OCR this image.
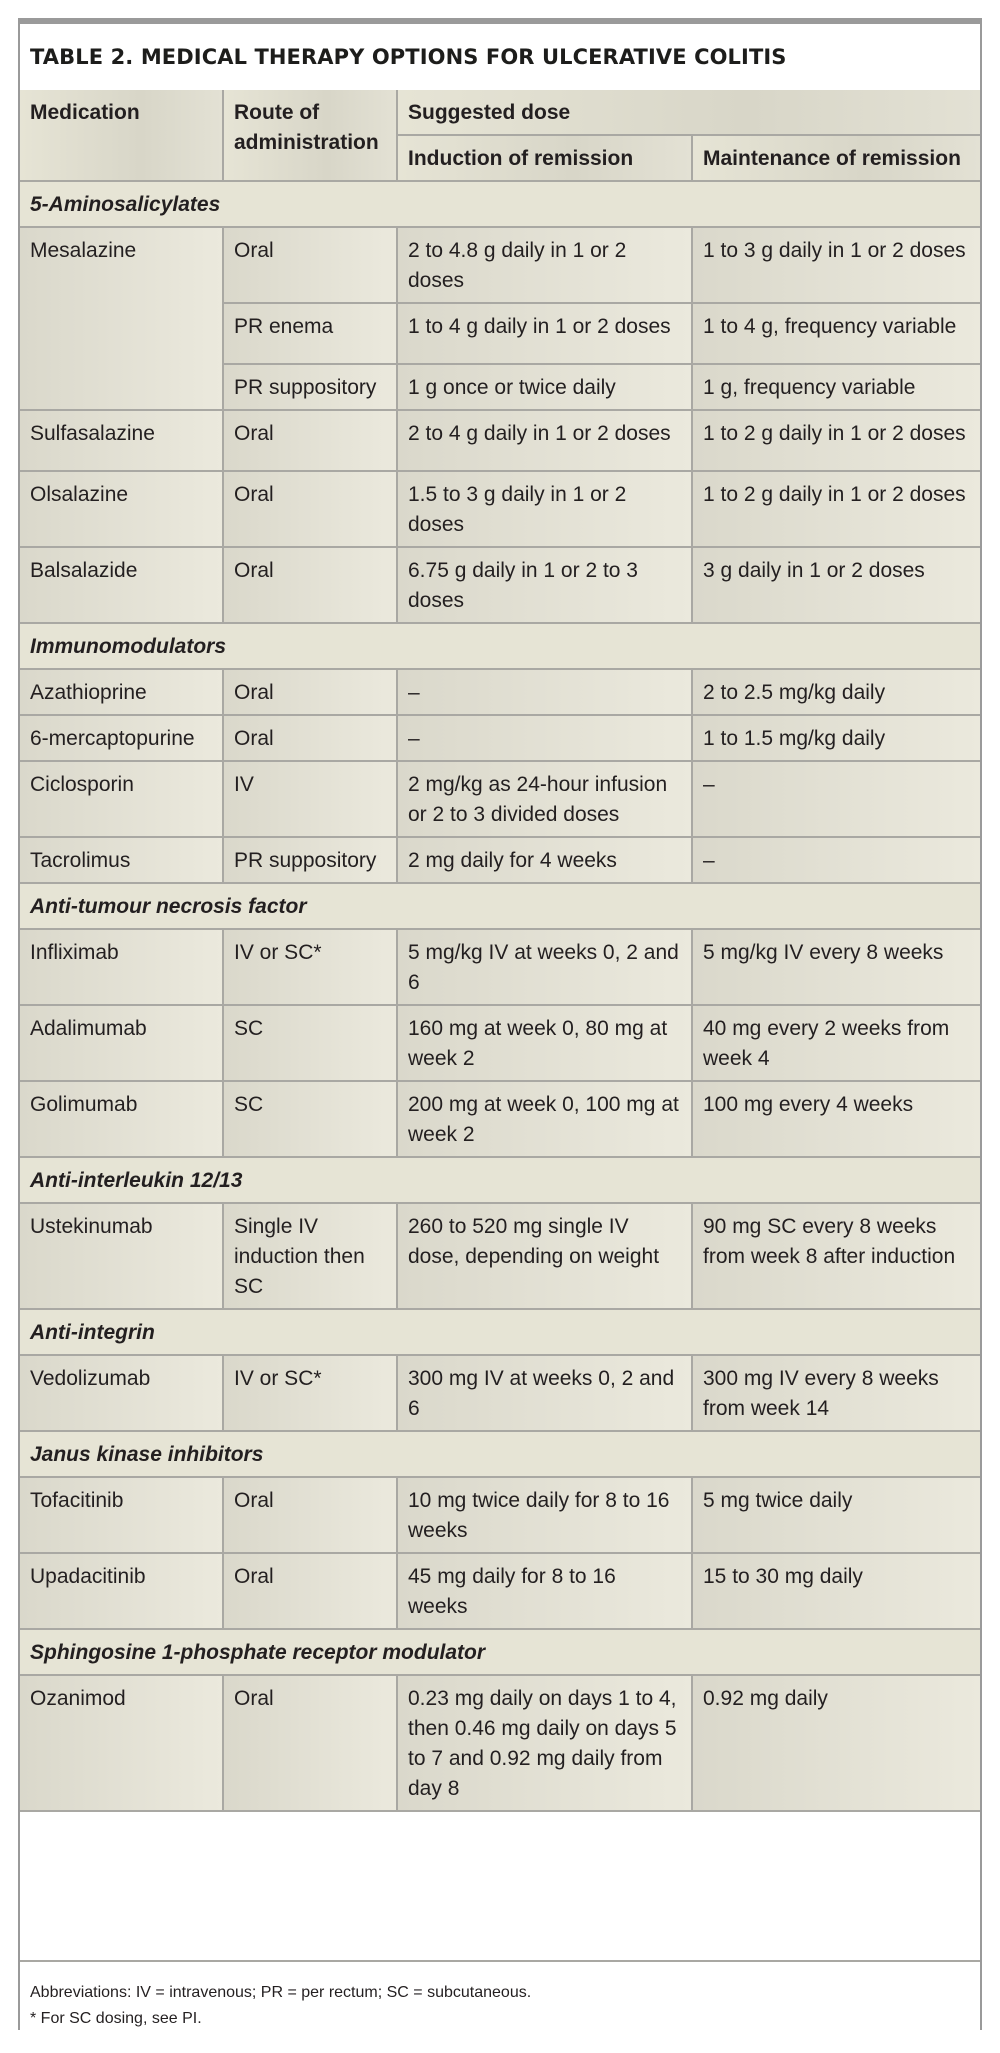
TABLE 2.
MEDICAL THERAPY OPTIONS FOR ULCERATIVE COLITIS
Medication	Route of administration	Suggested dose	
		Induction of remission	Maintenance of remission
5-Aminosalicylates			
Mesalazine	Oral	2 to 4.8 g daily in 1 or 2 doses	1 to 3 g daily in 1 or 2 doses
	PR enema	1 to 4 g daily in 1 or 2 doses	1 to 4 g, frequency variable
	PR suppository	1 g once or twice daily	1 g, frequency variable
Sulfasalazine	Oral	2 to 4 g daily in 1 or 2 doses	1 to 2 g daily in 1 or 2 doses
Olsalazine	Oral	1.5 to 3 g daily in 1 or 2 doses	1 to 2 g daily in 1 or 2 doses
Balsalazide	Oral	6.75 g daily in 1 or 2 to 3 doses	3 g daily in 1 or 2 doses
Immunomodulators			
Azathioprine	Oral	–	2 to 2.5 mg/kg daily
6-mercaptopurine	Oral	–	1 to 1.5 mg/kg daily
Ciclosporin	IV	2 mg/kg as 24-hour infusion or 2 to 3 divided doses	–
Tacrolimus	PR suppository	2 mg daily for 4 weeks	–
Anti-tumour necrosis factor			
Infliximab	IV or SC*	5 mg/kg IV at weeks 0, 2 and 6	5 mg/kg IV every 8 weeks
Adalimumab	SC	160 mg at week 0, 80 mg at week 2	40 mg every 2 weeks from week 4
Golimumab	SC	200 mg at week 0, 100 mg at week 2	100 mg every 4 weeks
Anti-interleukin 12/13			
Ustekinumab	Single IV induction then SC	260 to 520 mg single IV dose, depending on weight	90 mg SC every 8 weeks from week 8 after induction
Anti-integrin			
Vedolizumab	IV or SC*	300 mg IV at weeks 0, 2 and 6	300 mg IV every 8 weeks from week 14
Janus kinase inhibitors			
Tofacitinib	Oral	10 mg twice daily for 8 to 16 weeks	5 mg twice daily
Upadacitinib	Oral	45 mg daily for 8 to 16 weeks	15 to 30 mg daily
Sphingosine 1-phosphate receptor modulator			
Ozanimod	Oral	0.23 mg daily on days 1 to 4, then 0.46 mg daily on days 5 to 7 and 0.92 mg daily from day 8	0.92 mg daily
Abbreviations: IV = intravenous; PR = per rectum; SC = subcutaneous.
* For SC dosing, see PI.
